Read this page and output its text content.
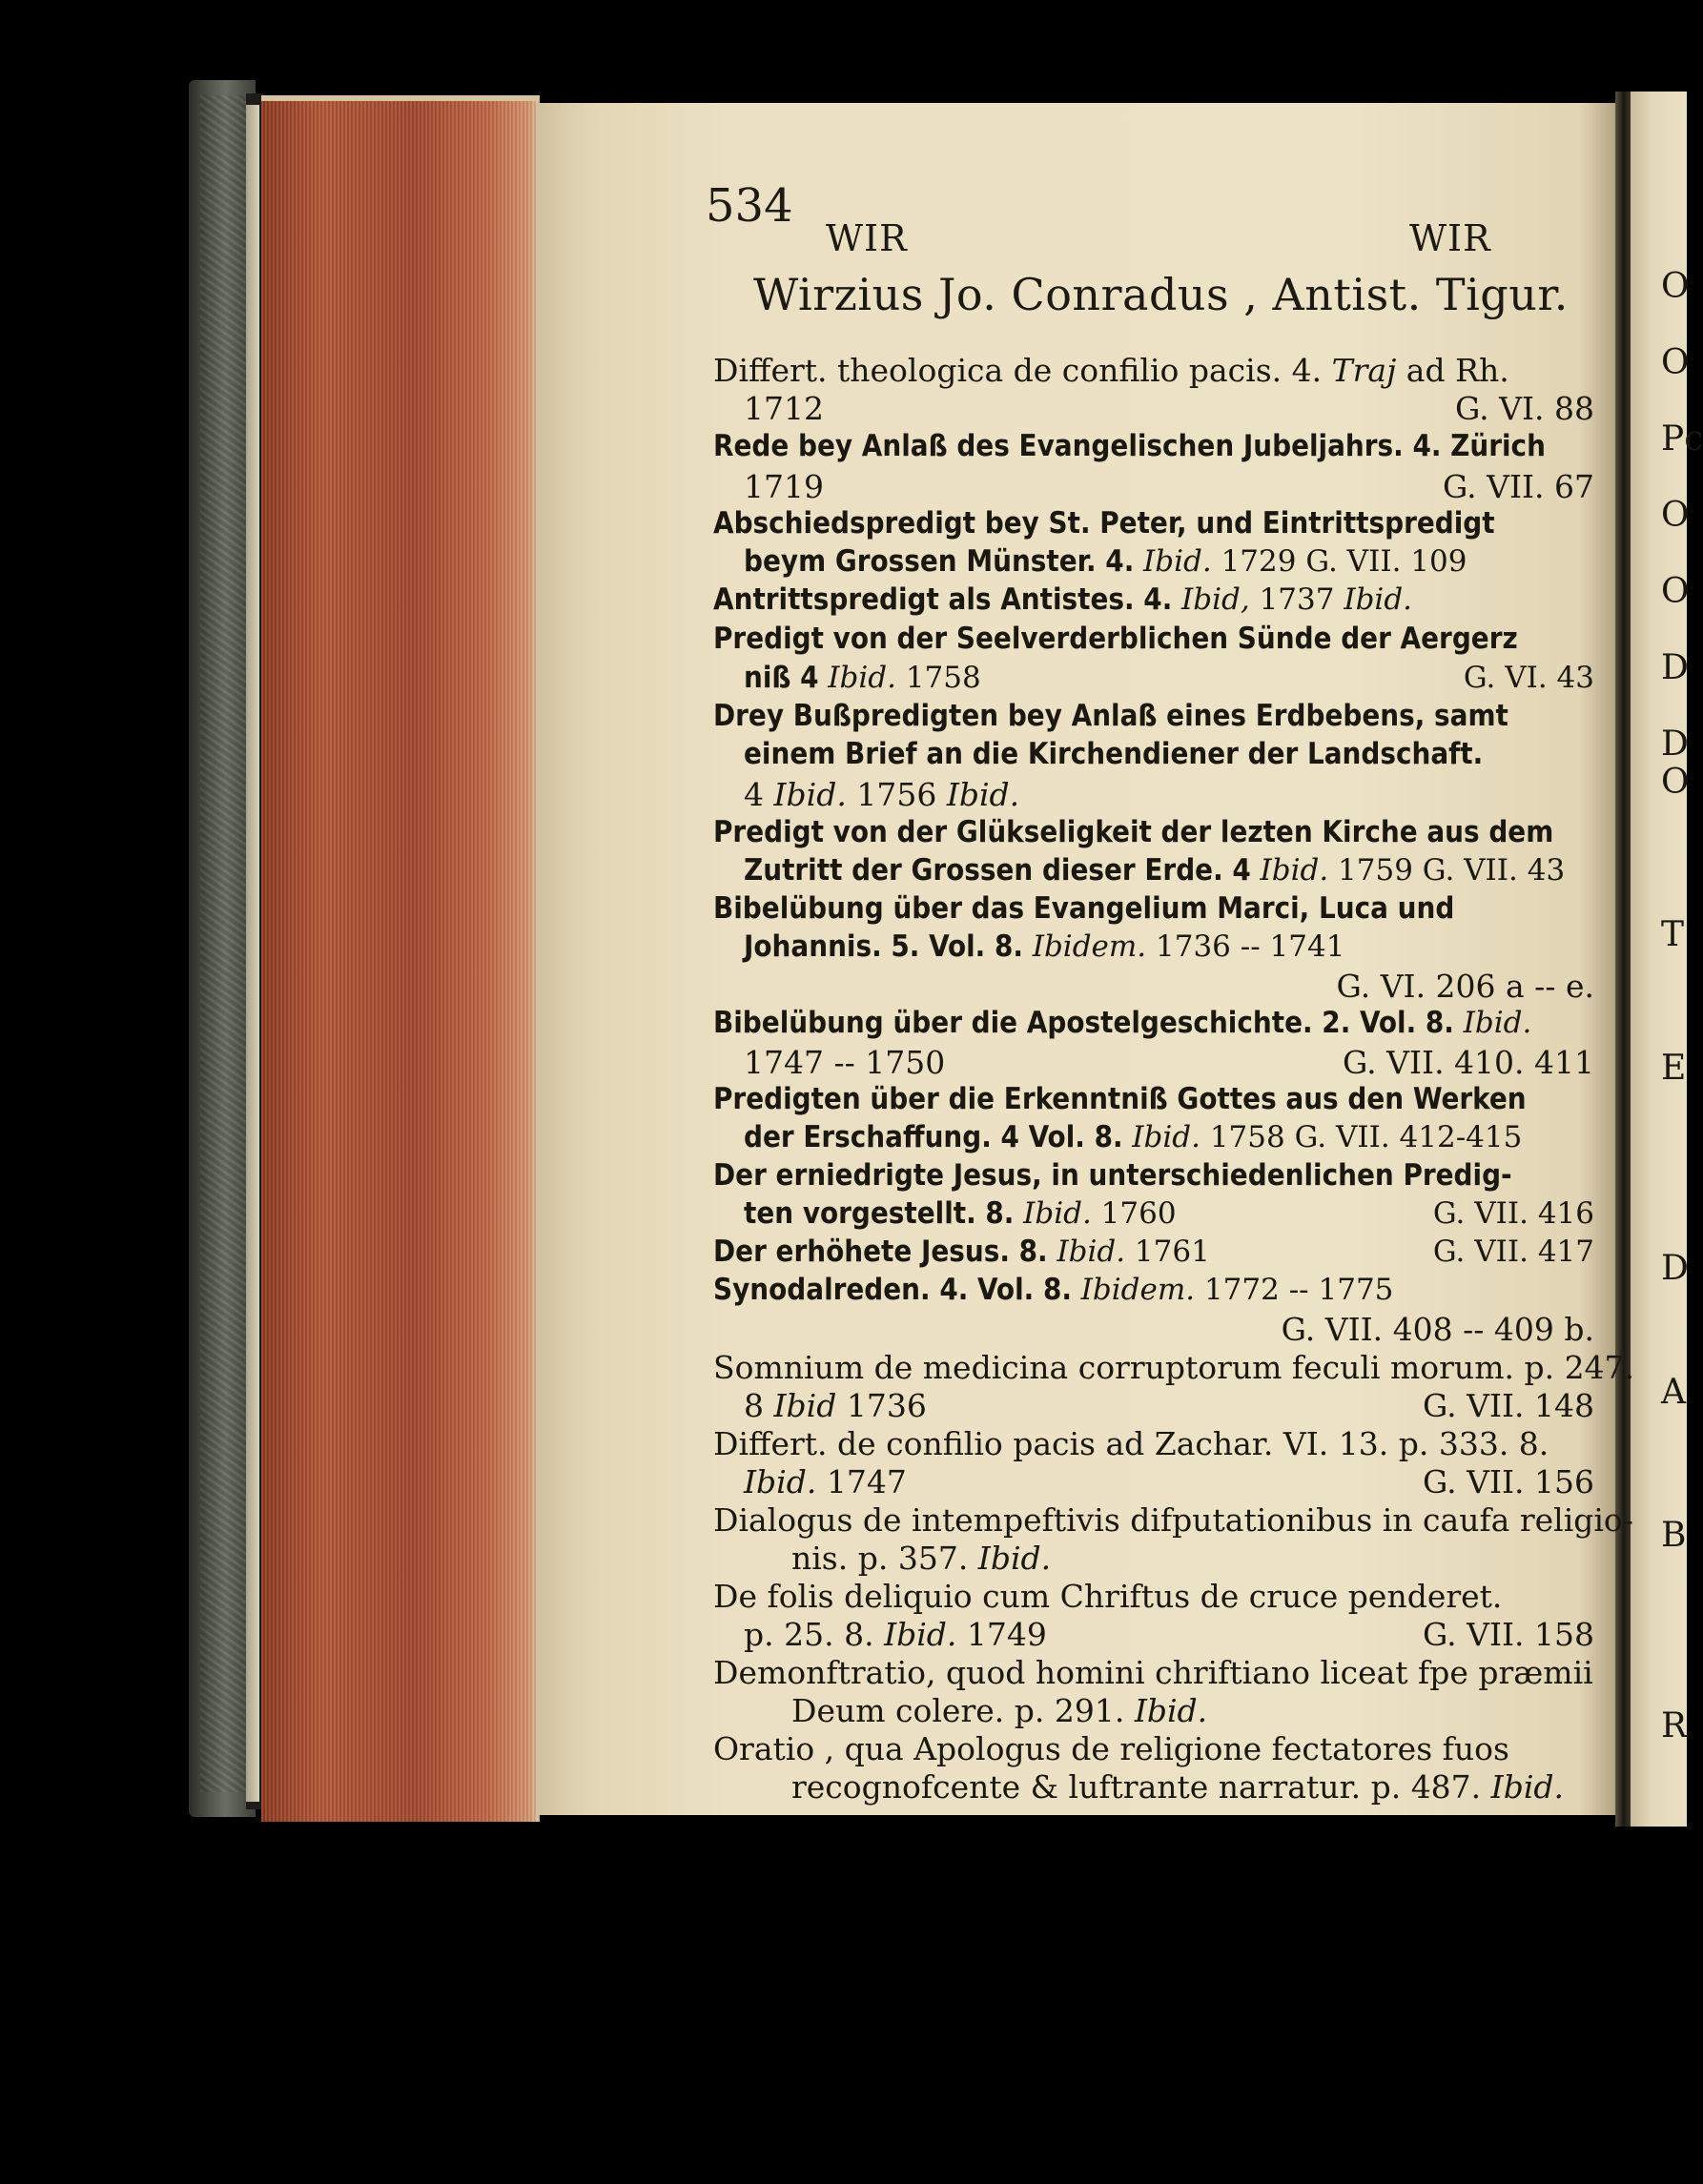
O
O
Pc
O
O
D
D
O
T
E
D
A
B
R
534
WIR	WIR
Wirzius Jo. Conradus , Antist. Tigur.
Differt. theologica de confilio pacis. 4. Traj ad Rh.
1712	G. VI. 88
Rede bey Anlaß des Evangelischen Jubeljahrs. 4. Zürich
1719	G. VII. 67
Abschiedspredigt bey St. Peter, und Eintrittspredigt
beym Grossen Münster. 4. Ibid. 1729 G. VII. 109
Antrittspredigt als Antistes. 4. Ibid, 1737 Ibid.
Predigt von der Seelverderblichen Sünde der Aergerz
niß 4 Ibid. 1758	G. VI. 43
Drey Bußpredigten bey Anlaß eines Erdbebens, samt
einem Brief an die Kirchendiener der Landschaft.
4 Ibid. 1756 Ibid.
Predigt von der Glükseligkeit der lezten Kirche aus dem
Zutritt der Grossen dieser Erde. 4 Ibid. 1759 G. VII. 43
Bibelübung über das Evangelium Marci, Luca und
Johannis. 5. Vol. 8. Ibidem. 1736 -- 1741
G. VI. 206 a -- e.
Bibelübung über die Apostelgeschichte. 2. Vol. 8. Ibid.
1747 -- 1750	G. VII. 410. 411
Predigten über die Erkenntniß Gottes aus den Werken
der Erschaffung. 4 Vol. 8. Ibid. 1758 G. VII. 412-415
Der erniedrigte Jesus, in unterschiedenlichen Predig-
ten vorgestellt. 8. Ibid. 1760	G. VII. 416
Der erhöhete Jesus. 8. Ibid. 1761	G. VII. 417
Synodalreden. 4. Vol. 8. Ibidem. 1772 -- 1775
G. VII. 408 -- 409 b.
Somnium de medicina corruptorum feculi morum. p. 247.
8 Ibid 1736	G. VII. 148
Differt. de confilio pacis ad Zachar. VI. 13. p. 333. 8.
Ibid. 1747	G. VII. 156
Dialogus de intempeftivis difputationibus in caufa religio-
nis. p. 357. Ibid.
De folis deliquio cum Chriftus de cruce penderet.
p. 25. 8. Ibid. 1749	G. VII. 158
Demonftratio, quod homini chriftiano liceat fpe præmii
Deum colere. p. 291. Ibid.
Oratio , qua Apologus de religione fectatores fuos
recognofcente & luftrante narratur. p. 487. Ibid.
